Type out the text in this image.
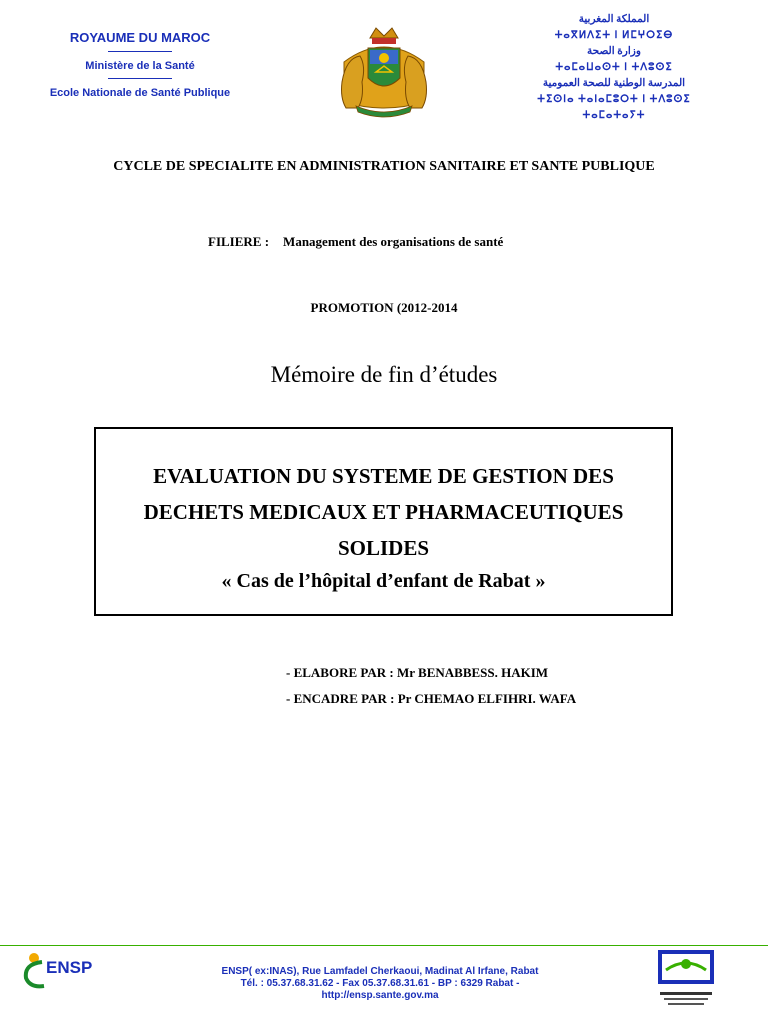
ROYAUME DU MAROC
Ministère de la Santé
Ecole Nationale de Santé Publique
المملكة المغربية
ⵜⴰⴳⵍⴷⵉⵜ ⵏ ⵍⵎⵖⵔⵉⴱ
وزارة الصحة
ⵜⴰⵎⴰⵡⴰⵙⵜ ⵏ ⵜⴷⵓⵙⵉ
المدرسة الوطنية للصحة العمومية
ⵜⵉⵙⵏⴰ ⵜⴰⵏⴰⵎⵓⵔⵜ ⵏ ⵜⴷⵓⵙⵉ ⵜⴰⵎⴰⵜⴰⵢⵜ
CYCLE DE SPECIALITE EN ADMINISTRATION SANITAIRE ET SANTE PUBLIQUE
FILIERE : Management des organisations de santé
PROMOTION (2012-2014
Mémoire de fin d’études
EVALUATION DU SYSTEME DE GESTION DES
DECHETS MEDICAUX ET PHARMACEUTIQUES
SOLIDES
« Cas de l’hôpital d’enfant de Rabat »
- ELABORE PAR : Mr BENABBESS. HAKIM
- ENCADRE PAR : Pr CHEMAO ELFIHRI. WAFA
ENSP	ENSP( ex:INAS), Rue Lamfadel Cherkaoui, Madinat Al Irfane, Rabat
Tél. : 05.37.68.31.62 - Fax 05.37.68.31.61 - BP : 6329 Rabat -
http://ensp.sante.gov.ma
